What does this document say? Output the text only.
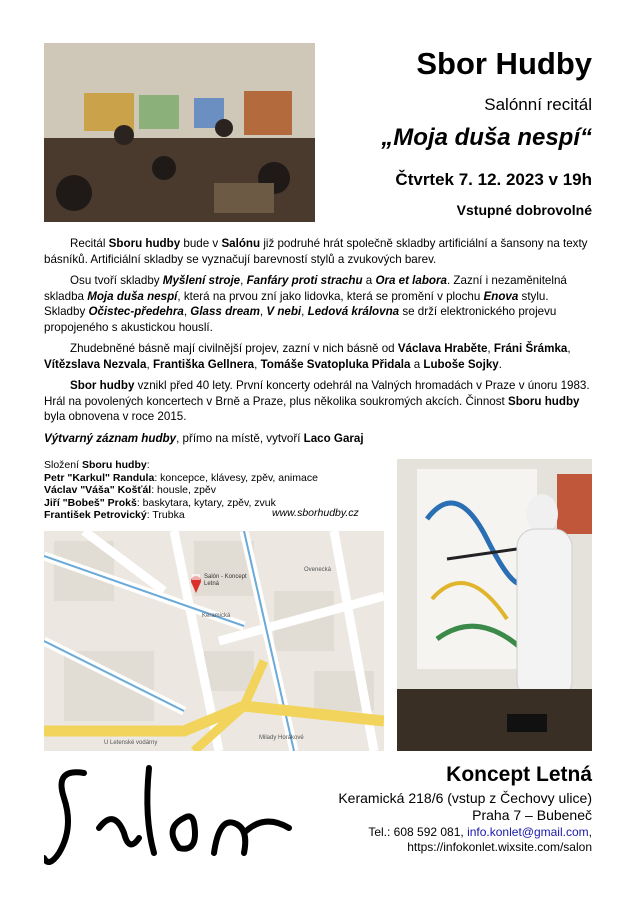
Sbor Hudby
Salónní recitál
„Moja duša nespí“
Čtvrtek 7. 12. 2023 v 19h
Vstupné dobrovolné

Recitál Sboru hudby bude v Salónu již podruhé hrát společně skladby artificiální a šansony na texty básníků. Artificiální skladby se vyznačují barevností stylů a zvukových barev.

Osu tvoří skladby Myšlení stroje, Fanfáry proti strachu a Ora et labora. Zazní i nezaměnitelná skladba Moja duša nespí, která na prvou zní jako lidovka, která se promění v plochu Enova stylu. Skladby Očistec-předehra, Glass dream, V nebi, Ledová královna se drží elektronického projevu propojeného s akustickou houslí.

Zhudebněné básně mají civilnější projev, zazní v nich básně od Václava Hraběte, Fráni Šrámka, Vítězslava Nezvala, Františka Gellnera, Tomáše Svatopluka Přidala a Luboše Sojky.

Sbor hudby vznikl před 40 lety. První koncerty odehrál na Valných hromadách v Praze v únoru 1983. Hrál na povolených koncertech v Brně a Praze, plus několika soukromých akcích. Činnost Sboru hudby byla obnovena v roce 2015.

Výtvarný záznam hudby, přímo na místě, vytvoří Laco Garaj

Složení Sboru hudby:
Petr "Karkul" Randula: koncepce, klávesy, zpěv, animace
Václav "Váša" Košťál: housle, zpěv
Jiří "Bobeš" Prokš: baskytara, kytary, zpěv, zvuk
František Petrovický: Trubka	www.sborhudby.cz
U Letenské vodárny
Milady Horákové
Keramická
Ovenecká
Salón - Koncept
Letná
Koncept Letná
Keramická 218/6 (vstup z Čechovy ulice)
Praha 7 – Bubeneč
Tel.: 608 592 081, info.konlet@gmail.com,
https://infokonlet.wixsite.com/salon
